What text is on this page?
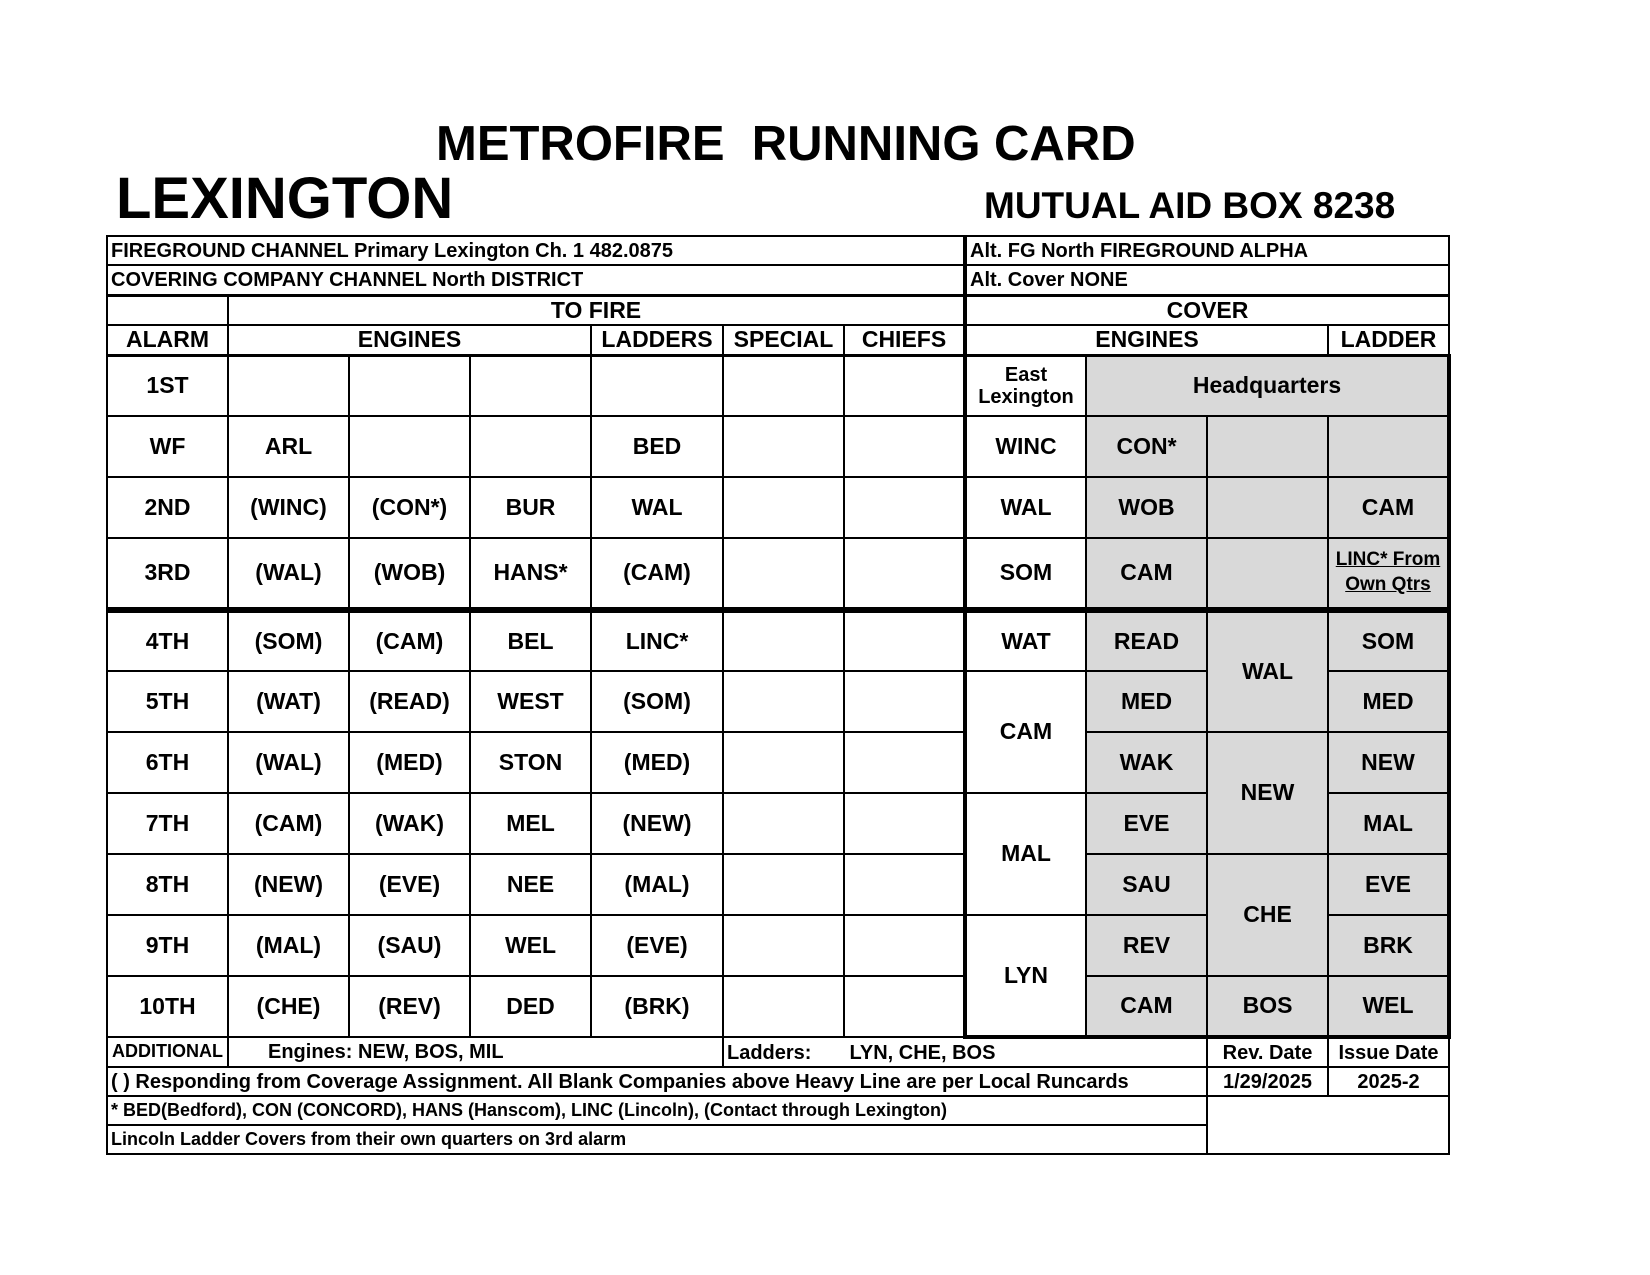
METROFIRE  RUNNING CARD
LEXINGTON	MUTUAL AID BOX 8238
FIREGROUND CHANNEL Primary Lexington Ch. 1 482.0875							Alt. FG North FIREGROUND ALPHA			
COVERING COMPANY CHANNEL North DISTRICT							Alt. Cover NONE			
	TO FIRE						COVER			
ALARM	ENGINES			LADDERS	SPECIAL	CHIEFS	ENGINES			LADDER
1ST							East Lexington	Headquarters		
WF	ARL			BED			WINC	CON*		
2ND	(WINC)	(CON*)	BUR	WAL			WAL	WOB		CAM
3RD	(WAL)	(WOB)	HANS*	(CAM)			SOM	CAM		LINC* From
Own Qtrs

4TH	(SOM)	(CAM)	BEL	LINC*			WAT	READ	WAL	SOM
5TH	(WAT)	(READ)	WEST	(SOM)			CAM	MED		MED
6TH	(WAL)	(MED)	STON	(MED)				WAK	NEW	NEW
7TH	(CAM)	(WAK)	MEL	(NEW)			MAL	EVE		MAL
8TH	(NEW)	(EVE)	NEE	(MAL)				SAU	CHE	EVE
9TH	(MAL)	(SAU)	WEL	(EVE)			LYN	REV		BRK
10TH	(CHE)	(REV)	DED	(BRK)				CAM	BOS	WEL
ADDITIONAL	Engines: NEW, BOS, MIL				Ladders: LYN, CHE, BOS				Rev. Date	Issue Date
( ) Responding from Coverage Assignment. All Blank Companies above Heavy Line are per Local Runcards									1/29/2025	2025-2
* BED(Bedford), CON (CONCORD), HANS (Hanscom), LINC (Lincoln), (Contact through Lexington)										
Lincoln Ladder Covers from their own quarters on 3rd alarm										
